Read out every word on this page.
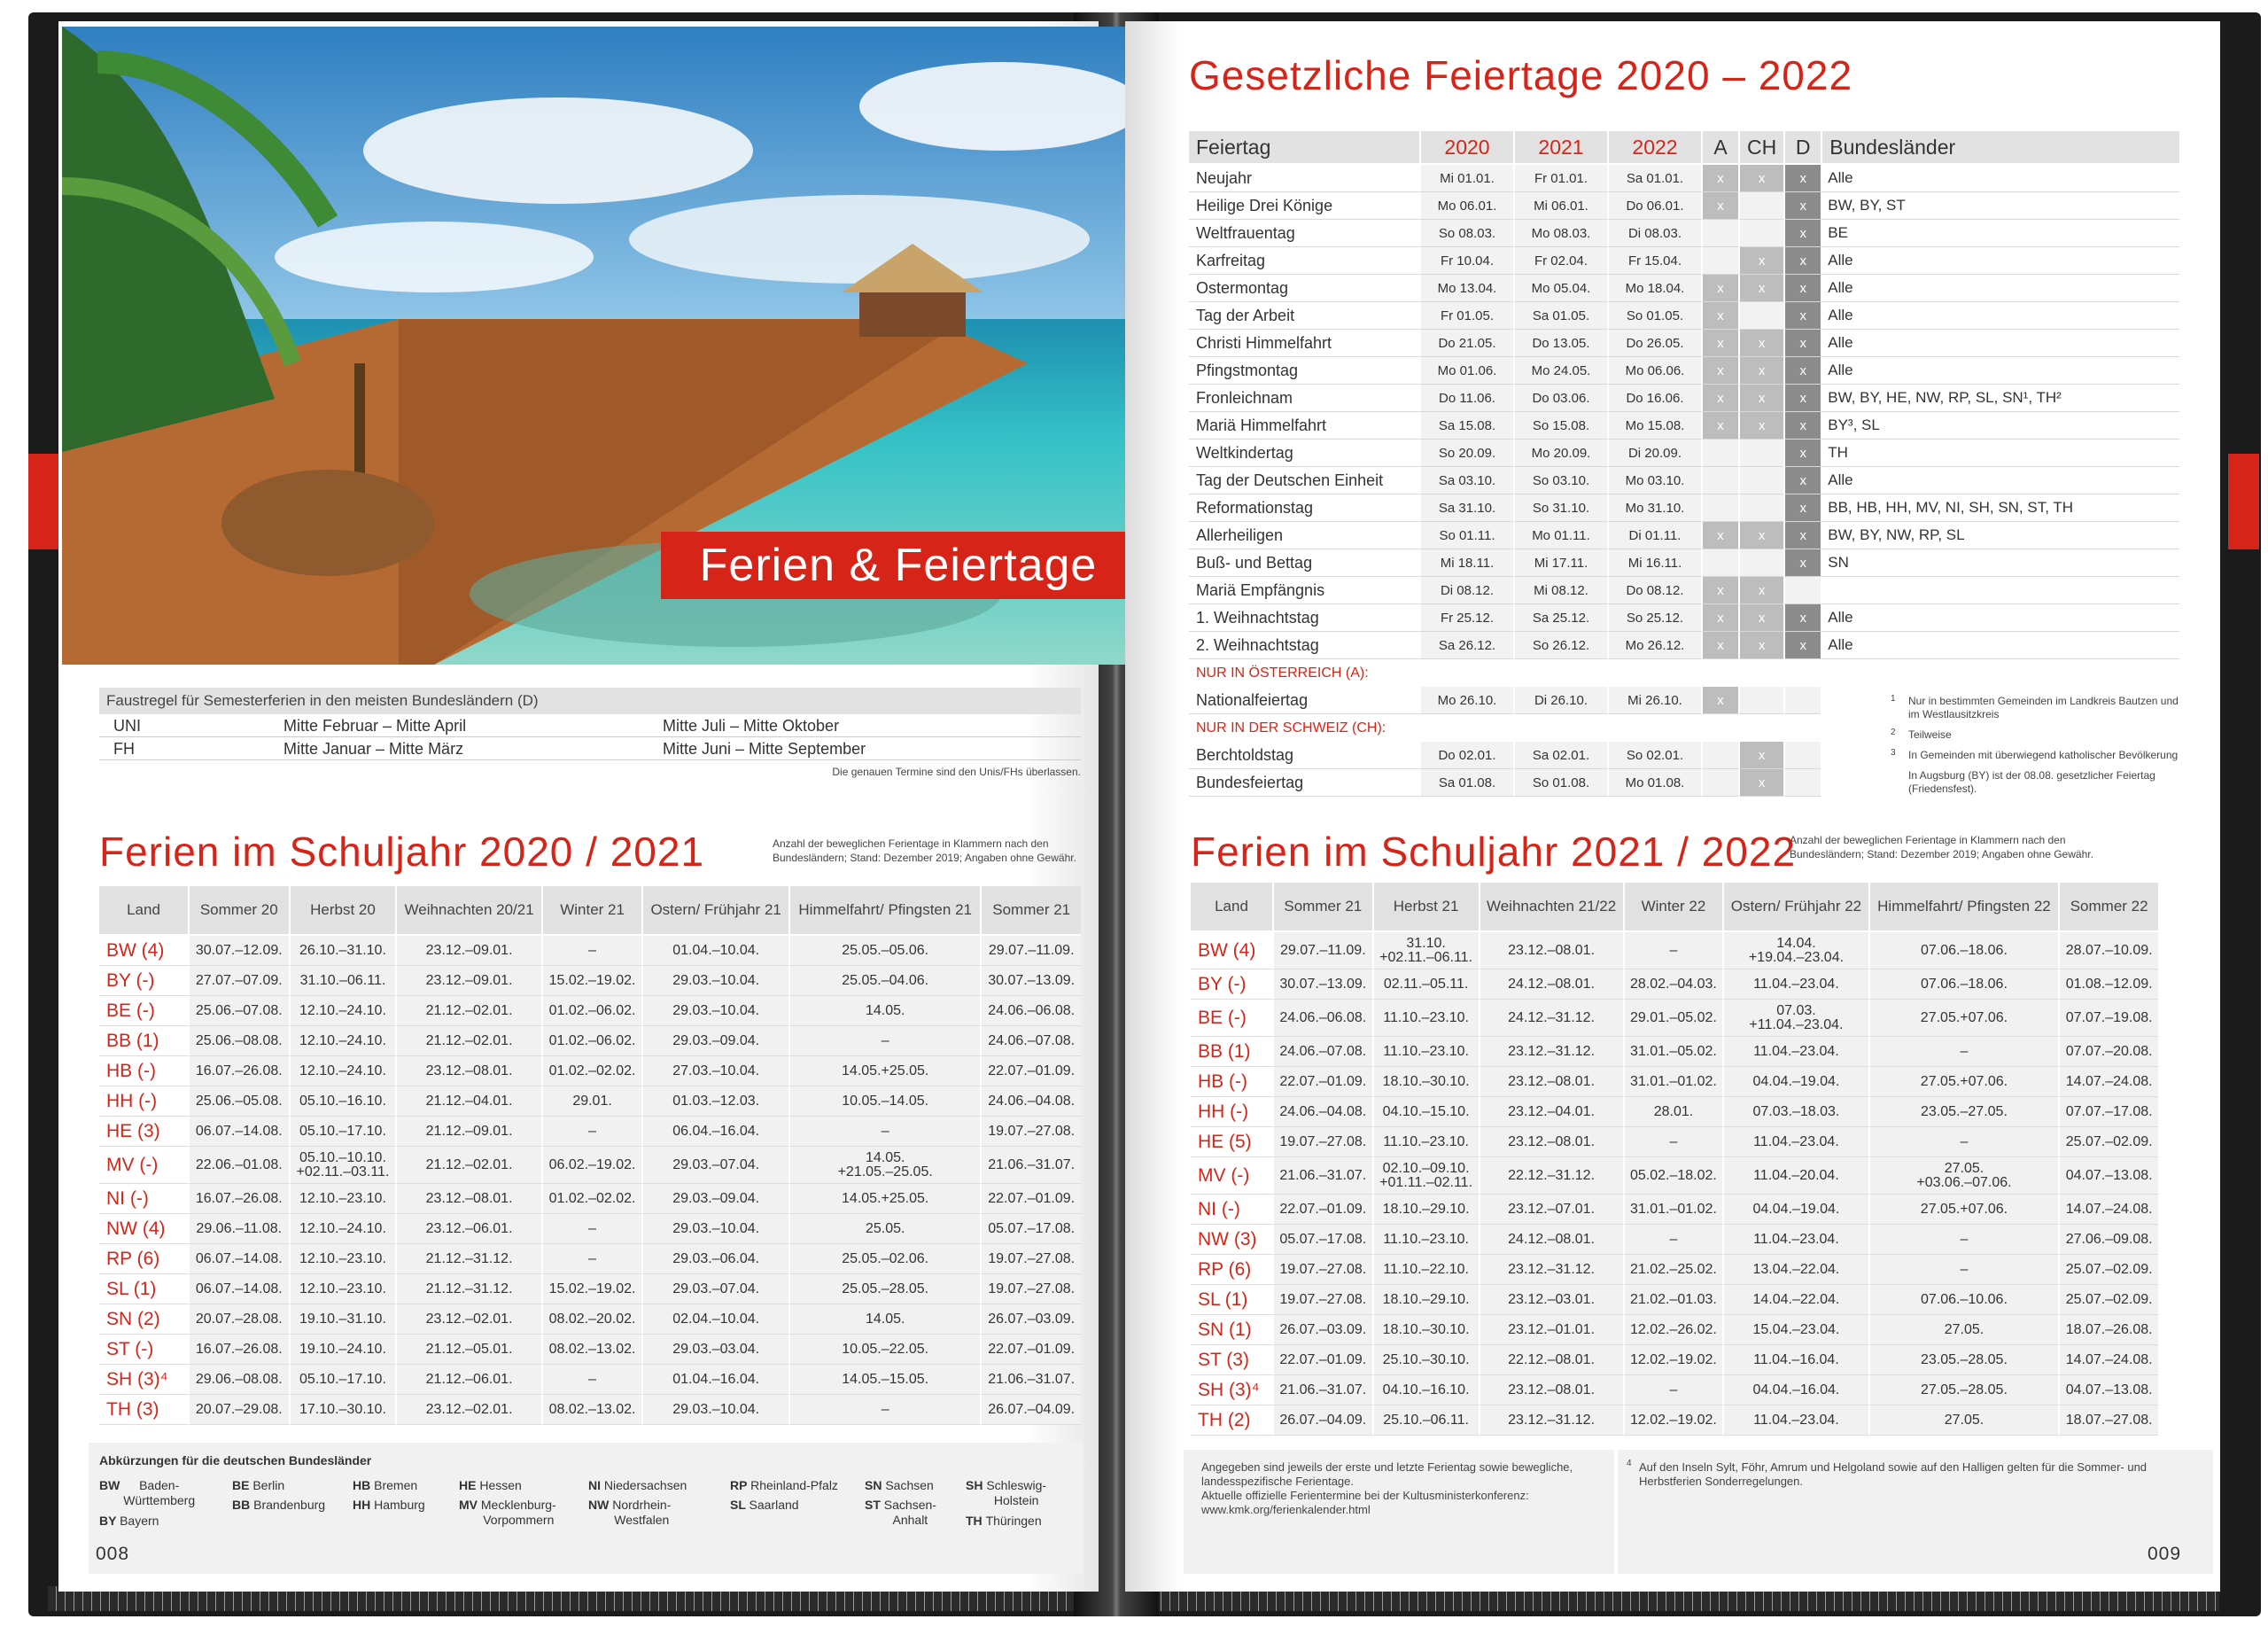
Ferien & Feiertage
Faustregel für Semesterferien in den meisten Bundesländern (D)
UNI	Mitte Februar – Mitte April	Mitte Juli – Mitte Oktober
FH	Mitte Januar – Mitte März	Mitte Juni – Mitte September
Die genauen Termine sind den Unis/FHs überlassen.
Ferien im Schuljahr 2020 / 2021	Anzahl der beweglichen Ferientage in Klammern nach den Bundesländern; Stand: Dezember 2019; Angaben ohne Gewähr.
Land	Sommer 20	Herbst 20	Weihnachten 20/21	Winter 21	Ostern/ Frühjahr 21	Himmelfahrt/ Pfingsten 21	Sommer 21
BW (4)	30.07.–12.09.	26.10.–31.10.	23.12.–09.01.	–	01.04.–10.04.	25.05.–05.06.	29.07.–11.09.
BY (-)	27.07.–07.09.	31.10.–06.11.	23.12.–09.01.	15.02.–19.02.	29.03.–10.04.	25.05.–04.06.	30.07.–13.09.
BE (-)	25.06.–07.08.	12.10.–24.10.	21.12.–02.01.	01.02.–06.02.	29.03.–10.04.	14.05.	24.06.–06.08.
BB (1)	25.06.–08.08.	12.10.–24.10.	21.12.–02.01.	01.02.–06.02.	29.03.–09.04.	–	24.06.–07.08.
HB (-)	16.07.–26.08.	12.10.–24.10.	23.12.–08.01.	01.02.–02.02.	27.03.–10.04.	14.05.+25.05.	22.07.–01.09.
HH (-)	25.06.–05.08.	05.10.–16.10.	21.12.–04.01.	29.01.	01.03.–12.03.	10.05.–14.05.	24.06.–04.08.
HE (3)	06.07.–14.08.	05.10.–17.10.	21.12.–09.01.	–	06.04.–16.04.	–	19.07.–27.08.
MV (-)	22.06.–01.08.	05.10.–10.10.
+02.11.–03.11.	21.12.–02.01.	06.02.–19.02.	29.03.–07.04.	14.05.
+21.05.–25.05.	21.06.–31.07.
NI (-)	16.07.–26.08.	12.10.–23.10.	23.12.–08.01.	01.02.–02.02.	29.03.–09.04.	14.05.+25.05.	22.07.–01.09.
NW (4)	29.06.–11.08.	12.10.–24.10.	23.12.–06.01.	–	29.03.–10.04.	25.05.	05.07.–17.08.
RP (6)	06.07.–14.08.	12.10.–23.10.	21.12.–31.12.	–	29.03.–06.04.	25.05.–02.06.	19.07.–27.08.
SL (1)	06.07.–14.08.	12.10.–23.10.	21.12.–31.12.	15.02.–19.02.	29.03.–07.04.	25.05.–28.05.	19.07.–27.08.
SN (2)	20.07.–28.08.	19.10.–31.10.	23.12.–02.01.	08.02.–20.02.	02.04.–10.04.	14.05.	26.07.–03.09.
ST (-)	16.07.–26.08.	19.10.–24.10.	21.12.–05.01.	08.02.–13.02.	29.03.–03.04.	10.05.–22.05.	22.07.–01.09.
SH (3)⁴	29.06.–08.08.	05.10.–17.10.	21.12.–06.01.	–	01.04.–16.04.	14.05.–15.05.	21.06.–31.07.
TH (3)	20.07.–29.08.	17.10.–30.10.	23.12.–02.01.	08.02.–13.02.	29.03.–10.04.	–	26.07.–04.09.
Abkürzungen für die deutschen Bundesländer
BW Baden-
Württemberg
BY Bayern
BE Berlin
BB Brandenburg
HB Bremen
HH Hamburg
HE Hessen
MV Mecklenburg-
Vorpommern
NI Niedersachsen
NW Nordrhein-
Westfalen
RP Rheinland-Pfalz
SL Saarland
SN Sachsen
ST Sachsen-
Anhalt
SH Schleswig-
Holstein
TH Thüringen
008
Gesetzliche Feiertage 2020 – 2022
Feiertag	2020	2021	2022	A	CH	D	Bundesländer
Neujahr	Mi 01.01.	Fr 01.01.	Sa 01.01.	x	x	x	Alle
Heilige Drei Könige	Mo 06.01.	Mi 06.01.	Do 06.01.	x		x	BW, BY, ST
Weltfrauentag	So 08.03.	Mo 08.03.	Di 08.03.			x	BE
Karfreitag	Fr 10.04.	Fr 02.04.	Fr 15.04.		x	x	Alle
Ostermontag	Mo 13.04.	Mo 05.04.	Mo 18.04.	x	x	x	Alle
Tag der Arbeit	Fr 01.05.	Sa 01.05.	So 01.05.	x		x	Alle
Christi Himmelfahrt	Do 21.05.	Do 13.05.	Do 26.05.	x	x	x	Alle
Pfingstmontag	Mo 01.06.	Mo 24.05.	Mo 06.06.	x	x	x	Alle
Fronleichnam	Do 11.06.	Do 03.06.	Do 16.06.	x	x	x	BW, BY, HE, NW, RP, SL, SN¹, TH²
Mariä Himmelfahrt	Sa 15.08.	So 15.08.	Mo 15.08.	x	x	x	BY³, SL
Weltkindertag	So 20.09.	Mo 20.09.	Di 20.09.			x	TH
Tag der Deutschen Einheit	Sa 03.10.	So 03.10.	Mo 03.10.			x	Alle
Reformationstag	Sa 31.10.	So 31.10.	Mo 31.10.			x	BB, HB, HH, MV, NI, SH, SN, ST, TH
Allerheiligen	So 01.11.	Mo 01.11.	Di 01.11.	x	x	x	BW, BY, NW, RP, SL
Buß- und Bettag	Mi 18.11.	Mi 17.11.	Mi 16.11.			x	SN
Mariä Empfängnis	Di 08.12.	Mi 08.12.	Do 08.12.	x	x		
1. Weihnachtstag	Fr 25.12.	Sa 25.12.	So 25.12.	x	x	x	Alle
2. Weihnachtstag	Sa 26.12.	So 26.12.	Mo 26.12.	x	x	x	Alle
NUR IN ÖSTERREICH (A):							
Nationalfeiertag	Mo 26.10.	Di 26.10.	Mi 26.10.	x			
NUR IN DER SCHWEIZ (CH):							
Berchtoldstag	Do 02.01.	Sa 02.01.	So 02.01.		x		
Bundesfeiertag	Sa 01.08.	So 01.08.	Mo 01.08.		x		
1 Nur in bestimmten Gemeinden im Landkreis Bautzen und im Westlausitzkreis
2 Teilweise
3 In Gemeinden mit überwiegend katholischer Bevölkerung
In Augsburg (BY) ist der 08.08. gesetzlicher Feiertag (Friedensfest).
Ferien im Schuljahr 2021 / 2022
Anzahl der beweglichen Ferientage in Klammern nach den Bundesländern; Stand: Dezember 2019; Angaben ohne Gewähr.
Land	Sommer 21	Herbst 21	Weihnachten 21/22	Winter 22	Ostern/ Frühjahr 22	Himmelfahrt/ Pfingsten 22	Sommer 22
BW (4)	29.07.–11.09.	31.10.
+02.11.–06.11.	23.12.–08.01.	–	14.04.
+19.04.–23.04.	07.06.–18.06.	28.07.–10.09.
BY (-)	30.07.–13.09.	02.11.–05.11.	24.12.–08.01.	28.02.–04.03.	11.04.–23.04.	07.06.–18.06.	01.08.–12.09.
BE (-)	24.06.–06.08.	11.10.–23.10.	24.12.–31.12.	29.01.–05.02.	07.03.
+11.04.–23.04.	27.05.+07.06.	07.07.–19.08.
BB (1)	24.06.–07.08.	11.10.–23.10.	23.12.–31.12.	31.01.–05.02.	11.04.–23.04.	–	07.07.–20.08.
HB (-)	22.07.–01.09.	18.10.–30.10.	23.12.–08.01.	31.01.–01.02.	04.04.–19.04.	27.05.+07.06.	14.07.–24.08.
HH (-)	24.06.–04.08.	04.10.–15.10.	23.12.–04.01.	28.01.	07.03.–18.03.	23.05.–27.05.	07.07.–17.08.
HE (5)	19.07.–27.08.	11.10.–23.10.	23.12.–08.01.	–	11.04.–23.04.	–	25.07.–02.09.
MV (-)	21.06.–31.07.	02.10.–09.10.
+01.11.–02.11.	22.12.–31.12.	05.02.–18.02.	11.04.–20.04.	27.05.
+03.06.–07.06.	04.07.–13.08.
NI (-)	22.07.–01.09.	18.10.–29.10.	23.12.–07.01.	31.01.–01.02.	04.04.–19.04.	27.05.+07.06.	14.07.–24.08.
NW (3)	05.07.–17.08.	11.10.–23.10.	24.12.–08.01.	–	11.04.–23.04.	–	27.06.–09.08.
RP (6)	19.07.–27.08.	11.10.–22.10.	23.12.–31.12.	21.02.–25.02.	13.04.–22.04.	–	25.07.–02.09.
SL (1)	19.07.–27.08.	18.10.–29.10.	23.12.–03.01.	21.02.–01.03.	14.04.–22.04.	07.06.–10.06.	25.07.–02.09.
SN (1)	26.07.–03.09.	18.10.–30.10.	23.12.–01.01.	12.02.–26.02.	15.04.–23.04.	27.05.	18.07.–26.08.
ST (3)	22.07.–01.09.	25.10.–30.10.	22.12.–08.01.	12.02.–19.02.	11.04.–16.04.	23.05.–28.05.	14.07.–24.08.
SH (3)⁴	21.06.–31.07.	04.10.–16.10.	23.12.–08.01.	–	04.04.–16.04.	27.05.–28.05.	04.07.–13.08.
TH (2)	26.07.–04.09.	25.10.–06.11.	23.12.–31.12.	12.02.–19.02.	11.04.–23.04.	27.05.	18.07.–27.08.
Angegeben sind jeweils der erste und letzte Ferientag sowie bewegliche, landesspezifische Ferientage.
Aktuelle offizielle Ferientermine bei der Kultusministerkonferenz:
www.kmk.org/ferienkalender.html
4 Auf den Inseln Sylt, Föhr, Amrum und Helgoland sowie auf den Halligen gelten für die Sommer- und Herbstferien Sonderregelungen.
009
